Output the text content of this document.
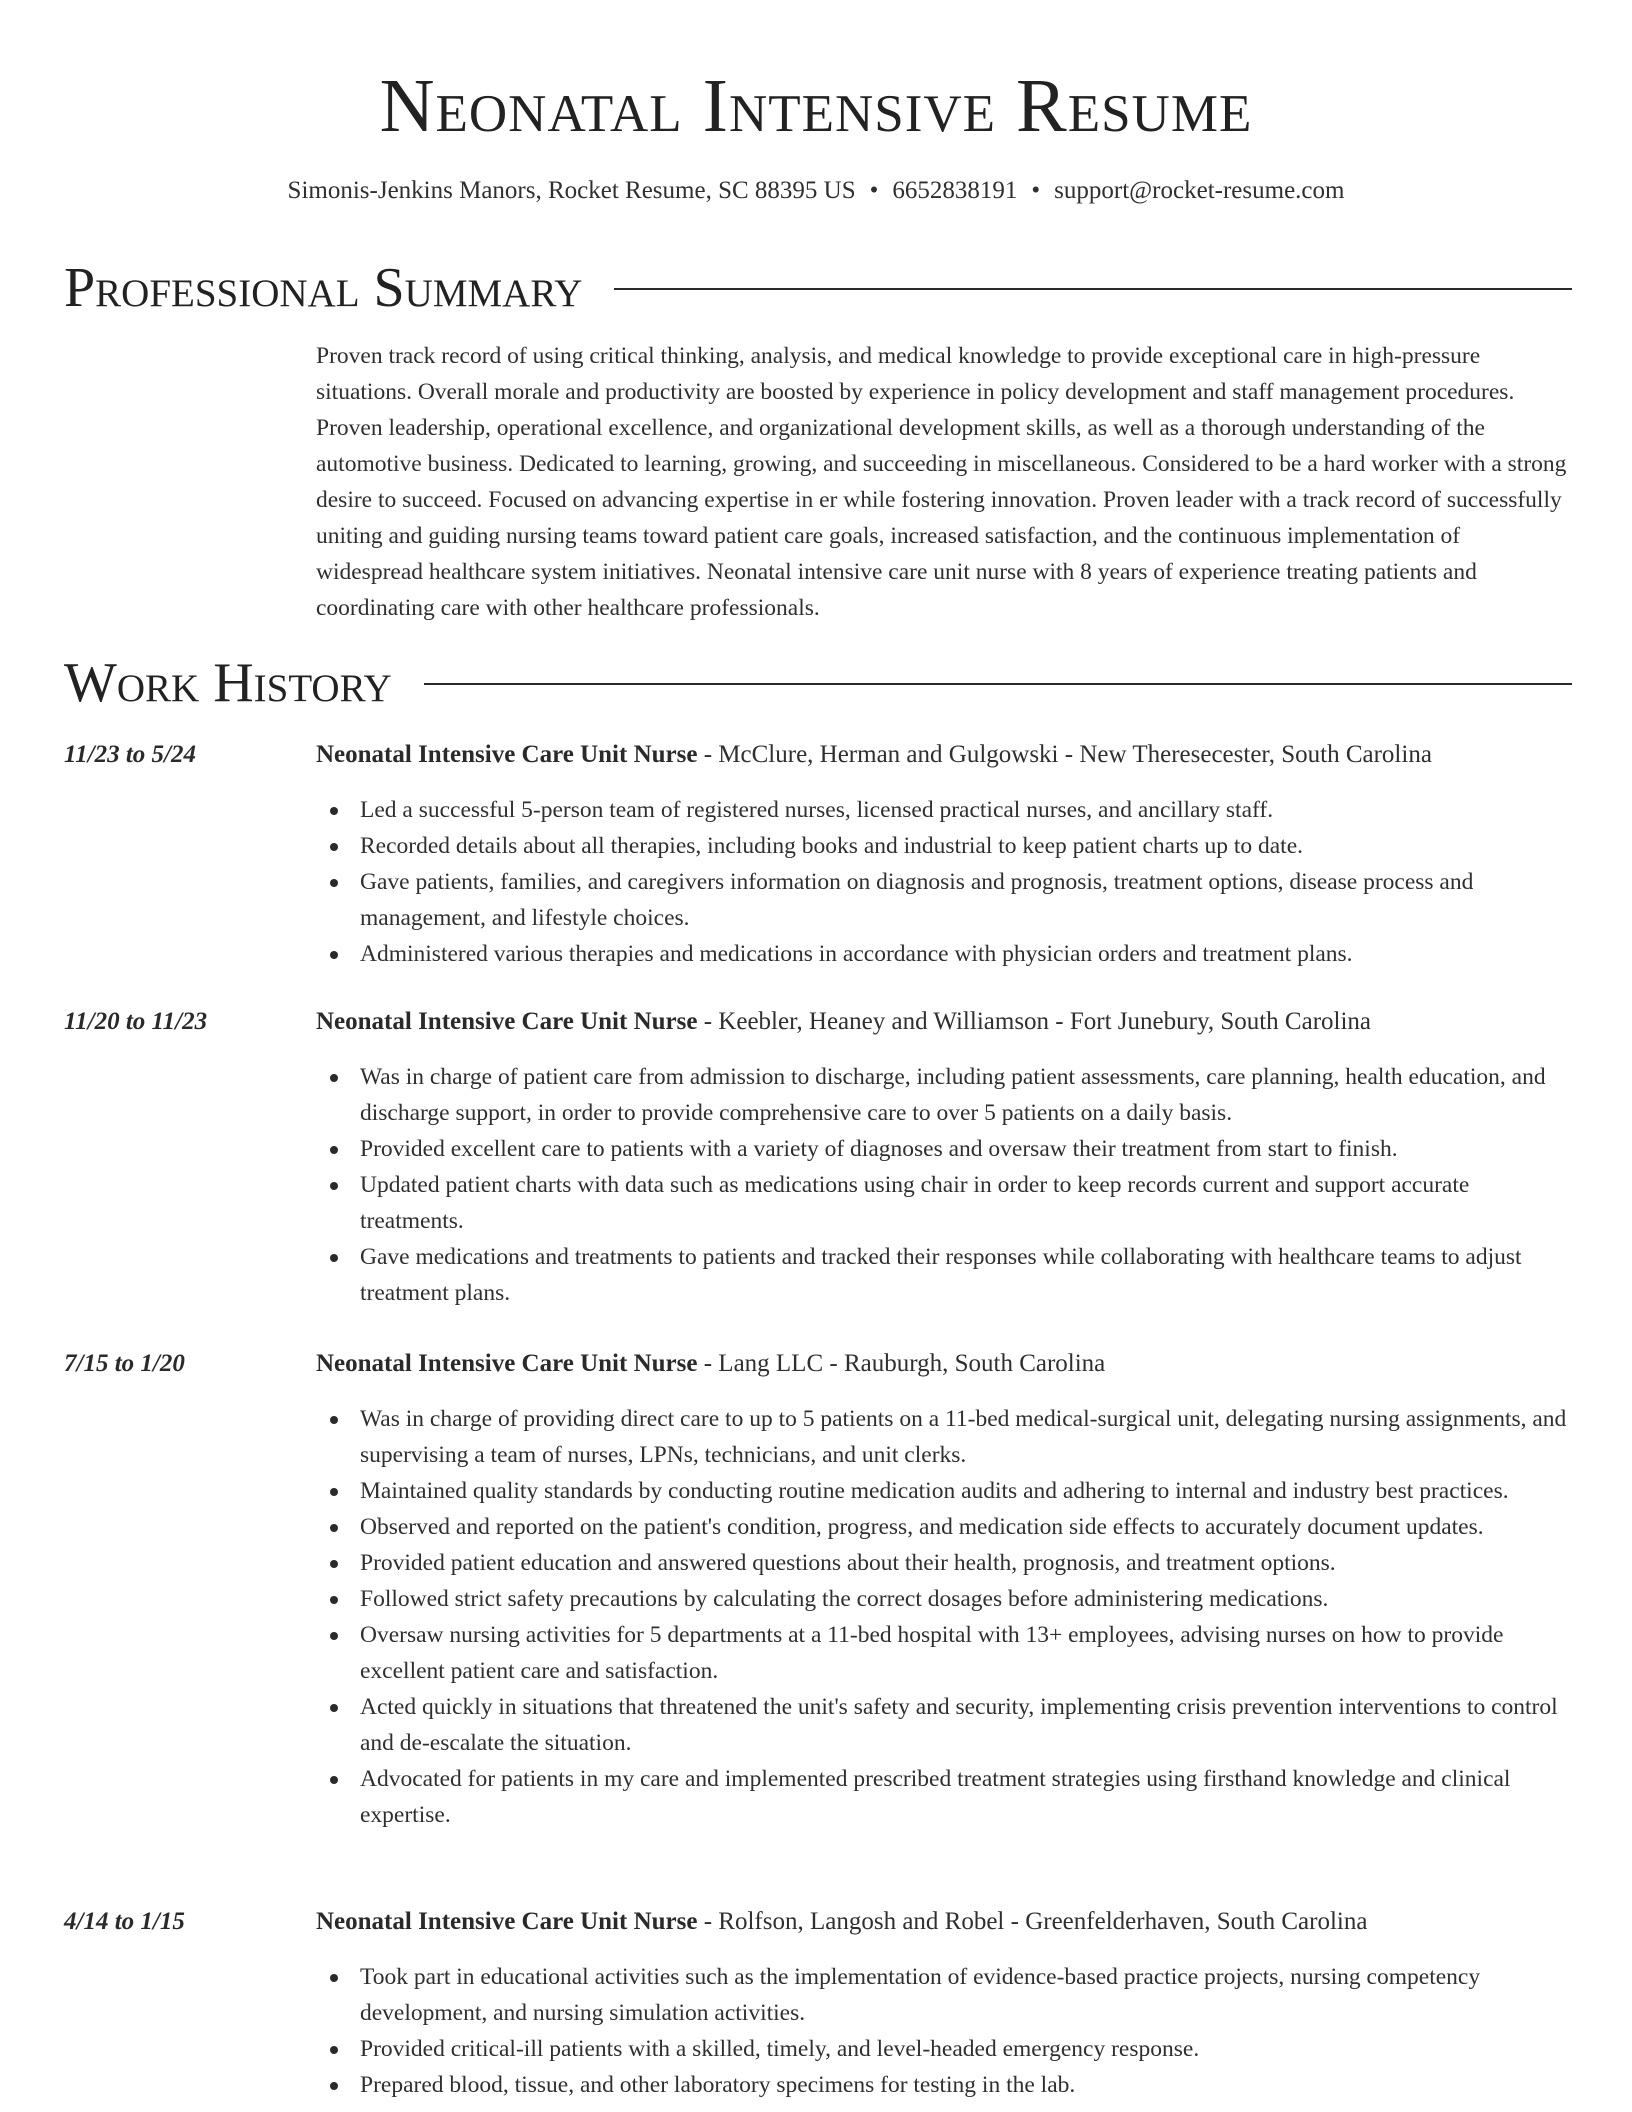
Neonatal Intensive Resume
Simonis-Jenkins Manors, Rocket Resume, SC 88395 US • 6652838191 • support@rocket-resume.com
Professional Summary

Proven track record of using critical thinking, analysis, and medical knowledge to provide exceptional care in high-pressure situations. Overall morale and productivity are boosted by experience in policy development and staff management procedures. Proven leadership, operational excellence, and organizational development skills, as well as a thorough understanding of the automotive business. Dedicated to learning, growing, and succeeding in miscellaneous. Considered to be a hard worker with a strong desire to succeed. Focused on advancing expertise in er while fostering innovation. Proven leader with a track record of successfully uniting and guiding nursing teams toward patient care goals, increased satisfaction, and the continuous implementation of widespread healthcare system initiatives. Neonatal intensive care unit nurse with 8 years of experience treating patients and coordinating care with other healthcare professionals.

Work History
11/23 to 5/24	Neonatal Intensive Care Unit Nurse - McClure, Herman and Gulgowski - New Theresecester, South Carolina
Led a successful 5-person team of registered nurses, licensed practical nurses, and ancillary staff.
Recorded details about all therapies, including books and industrial to keep patient charts up to date.
Gave patients, families, and caregivers information on diagnosis and prognosis, treatment options, disease process and management, and lifestyle choices.
Administered various therapies and medications in accordance with physician orders and treatment plans.
11/20 to 11/23	Neonatal Intensive Care Unit Nurse - Keebler, Heaney and Williamson - Fort Junebury, South Carolina
Was in charge of patient care from admission to discharge, including patient assessments, care planning, health education, and discharge support, in order to provide comprehensive care to over 5 patients on a daily basis.
Provided excellent care to patients with a variety of diagnoses and oversaw their treatment from start to finish.
Updated patient charts with data such as medications using chair in order to keep records current and support accurate treatments.
Gave medications and treatments to patients and tracked their responses while collaborating with healthcare teams to adjust treatment plans.
7/15 to 1/20	Neonatal Intensive Care Unit Nurse - Lang LLC - Rauburgh, South Carolina
Was in charge of providing direct care to up to 5 patients on a 11-bed medical-surgical unit, delegating nursing assignments, and supervising a team of nurses, LPNs, technicians, and unit clerks.
Maintained quality standards by conducting routine medication audits and adhering to internal and industry best practices.
Observed and reported on the patient's condition, progress, and medication side effects to accurately document updates.
Provided patient education and answered questions about their health, prognosis, and treatment options.
Followed strict safety precautions by calculating the correct dosages before administering medications.
Oversaw nursing activities for 5 departments at a 11-bed hospital with 13+ employees, advising nurses on how to provide excellent patient care and satisfaction.
Acted quickly in situations that threatened the unit's safety and security, implementing crisis prevention interventions to control and de-escalate the situation.
Advocated for patients in my care and implemented prescribed treatment strategies using firsthand knowledge and clinical expertise.
4/14 to 1/15	Neonatal Intensive Care Unit Nurse - Rolfson, Langosh and Robel - Greenfelderhaven, South Carolina
Took part in educational activities such as the implementation of evidence-based practice projects, nursing competency development, and nursing simulation activities.
Provided critical-ill patients with a skilled, timely, and level-headed emergency response.
Prepared blood, tissue, and other laboratory specimens for testing in the lab.
